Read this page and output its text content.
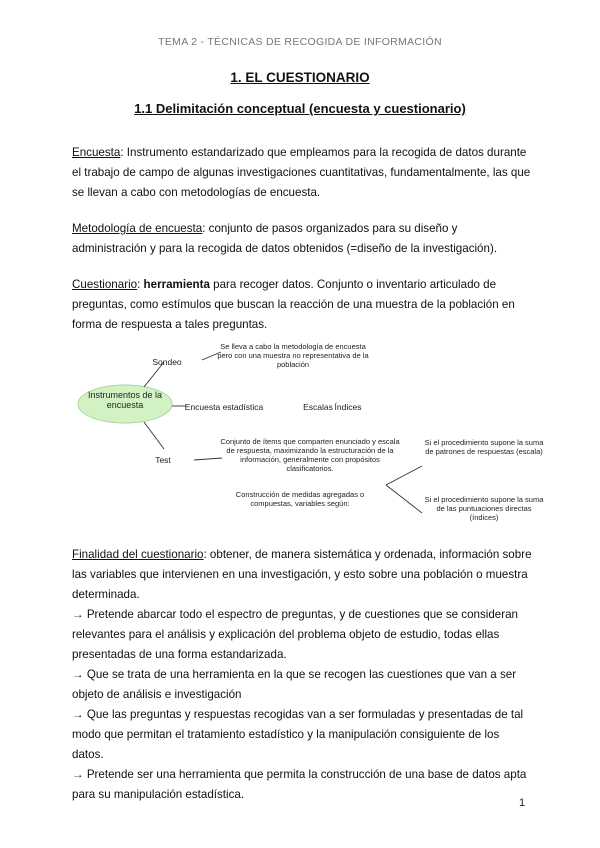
TEMA 2 - TÉCNICAS DE RECOGIDA DE INFORMACIÓN
1. EL CUESTIONARIO
1.1 Delimitación conceptual (encuesta y cuestionario)
Encuesta: Instrumento estandarizado que empleamos para la recogida de datos durante el trabajo de campo de algunas investigaciones cuantitativas, fundamentalmente, las que se llevan a cabo con metodologías de encuesta.
Metodología de encuesta: conjunto de pasos organizados para su diseño y administración y para la recogida de datos obtenidos (=diseño de la investigación).
Cuestionario: herramienta para recoger datos. Conjunto o inventario articulado de preguntas, como estímulos que buscan la reacción de una muestra de la población en forma de respuesta a tales preguntas.
Instrumentos de la encuesta
Sondeo
Se lleva a cabo la metodología de encuesta pero con una muestra no representativa de la población
Encuesta estadística	Escalas Índices
Test
Conjunto de ítems que comparten enunciado y escala de respuesta, maximizando la estructuración de la información, generalmente con propósitos clasificatorios.
Construcción de medidas agregadas o compuestas, variables según:
Si el procedimiento supone la suma de patrones de respuestas (escala)
Si el procedimiento supone la suma de las puntuaciones directas (índices)
Finalidad del cuestionario: obtener, de manera sistemática y ordenada, información sobre las variables que intervienen en una investigación, y esto sobre una población o muestra determinada.
→ Pretende abarcar todo el espectro de preguntas, y de cuestiones que se consideran relevantes para el análisis y explicación del problema objeto de estudio, todas ellas presentadas de una forma estandarizada.
→ Que se trata de una herramienta en la que se recogen las cuestiones que van a ser objeto de análisis e investigación
→ Que las preguntas y respuestas recogidas van a ser formuladas y presentadas de tal modo que permitan el tratamiento estadístico y la manipulación consiguiente de los datos.
→ Pretende ser una herramienta que permita la construcción de una base de datos apta para su manipulación estadística.
1
